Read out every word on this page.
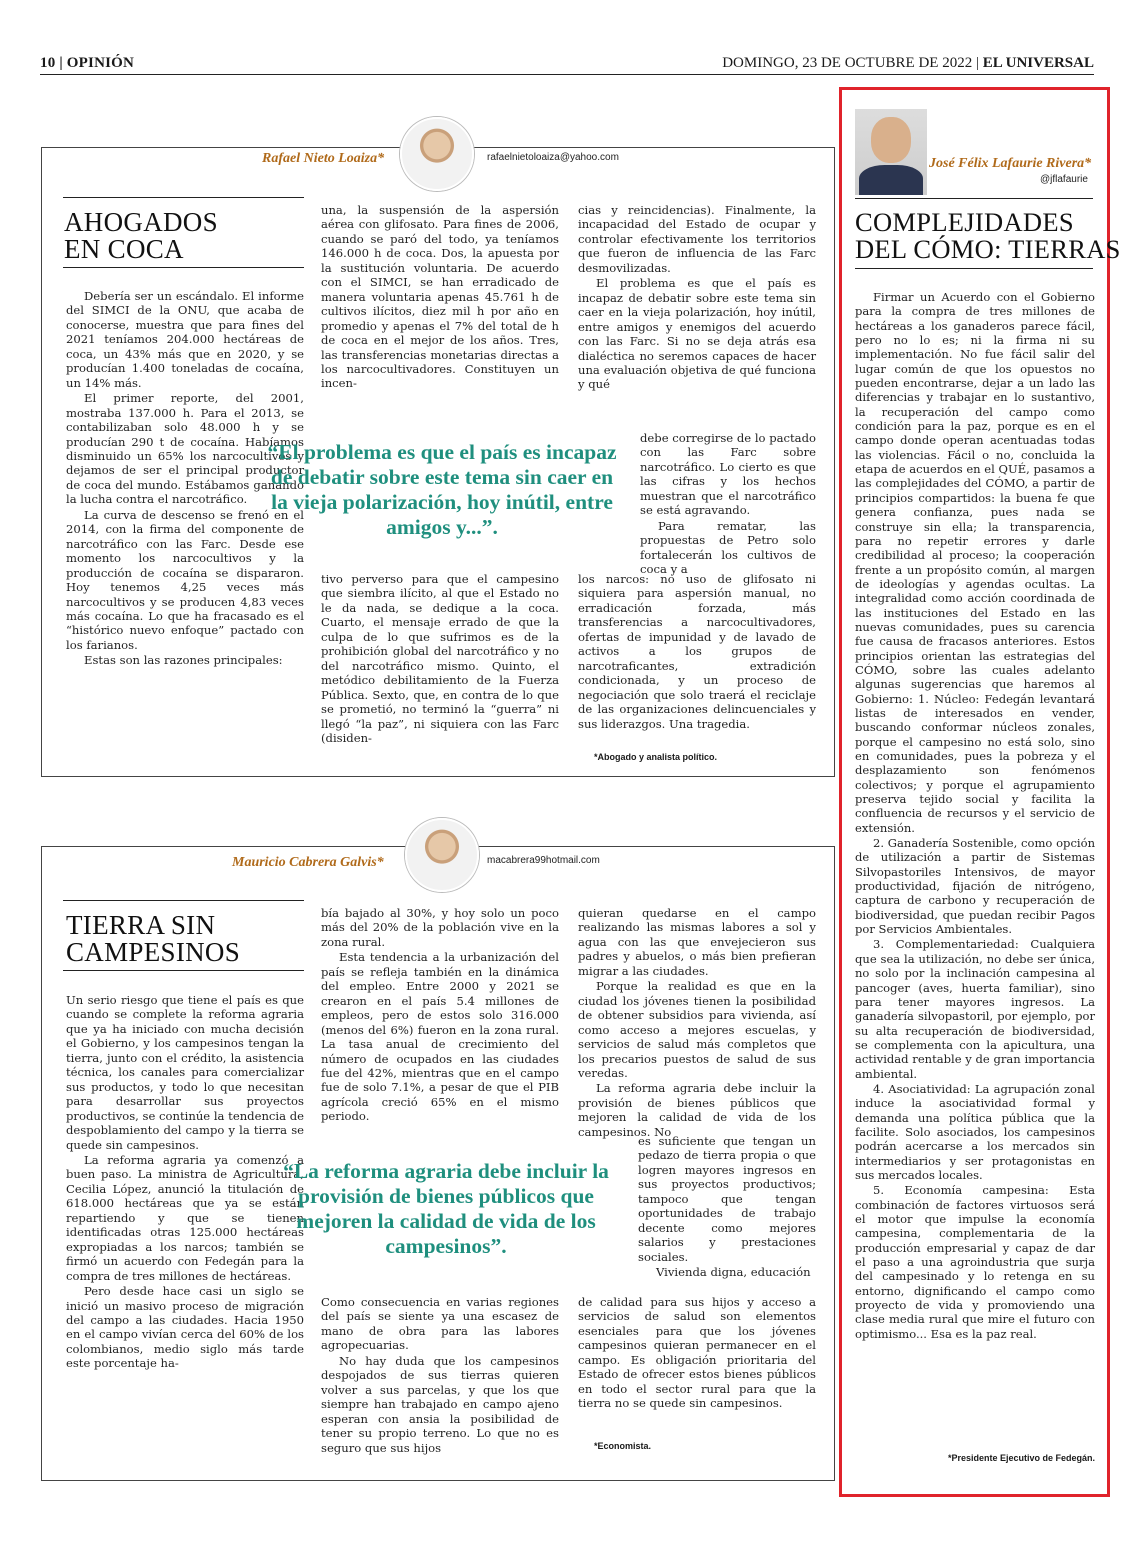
10 | OPINIÓN	DOMINGO, 23 DE OCTUBRE DE 2022 | EL UNIVERSAL
Rafael Nieto Loaiza*	rafaelnietoloaiza@yahoo.com
AHOGADOS
EN COCA

Debería ser un escándalo. El informe del SIMCI de la ONU, que acaba de conocerse, muestra que para fines del 2021 teníamos 204.000 hectáreas de coca, un 43% más que en 2020, y se producían 1.400 toneladas de cocaína, un 14% más.

El primer reporte, del 2001, mostraba 137.000 h. Para el 2013, se contabilizaban solo 48.000 h y se producían 290 t de cocaína. Habíamos disminuido un 65% los narcocultivos y dejamos de ser el principal productor de coca del mundo. Estábamos ganando la lucha contra el narcotráfico.

La curva de descenso se frenó en el 2014, con la firma del componente de narcotráfico con las Farc. Desde ese momento los narcocultivos y la producción de cocaína se dispararon. Hoy tenemos 4,25 veces más narcocultivos y se producen 4,83 veces más cocaína. Lo que ha fracasado es el “histórico nuevo enfoque” pactado con los farianos.

Estas son las razones principales:

una, la suspensión de la aspersión aérea con glifosato. Para fines de 2006, cuando se paró del todo, ya teníamos 146.000 h de coca. Dos, la apuesta por la sustitución voluntaria. De acuerdo con el SIMCI, se han erradicado de manera voluntaria apenas 45.761 h de cultivos ilícitos, diez mil h por año en promedio y apenas el 7% del total de h de coca en el mejor de los años. Tres, las transferencias monetarias directas a los narcocultivadores. Constituyen un incen-

“El problema es que el país es incapaz de debatir sobre este tema sin caer en la vieja polarización, hoy inútil, entre amigos y...”.

tivo perverso para que el campesino que siembra ilícito, al que el Estado no le da nada, se dedique a la coca. Cuarto, el mensaje errado de que la culpa de lo que sufrimos es de la prohibición global del narcotráfico y no del narcotráfico mismo. Quinto, el metódico debilitamiento de la Fuerza Pública. Sexto, que, en contra de lo que se prometió, no terminó la “guerra” ni llegó “la paz”, ni siquiera con las Farc (disiden-

cias y reincidencias). Finalmente, la incapacidad del Estado de ocupar y controlar efectivamente los territorios que fueron de influencia de las Farc desmovilizadas.

El problema es que el país es incapaz de debatir sobre este tema sin caer en la vieja polarización, hoy inútil, entre amigos y enemigos del acuerdo con las Farc. Si no se deja atrás esa dialéctica no seremos capaces de hacer una evaluación objetiva de qué funciona y qué

debe corregirse de lo pactado con las Farc sobre narcotráfico. Lo cierto es que las cifras y los hechos muestran que el narcotráfico se está agravando.

Para rematar, las propuestas de Petro solo fortalecerán los cultivos de coca y a

los narcos: no uso de glifosato ni siquiera para aspersión manual, no erradicación forzada, más transferencias a narcocultivadores, ofertas de impunidad y de lavado de activos a los grupos de narcotraficantes, extradición condicionada, y un proceso de negociación que solo traerá el reciclaje de las organizaciones delincuenciales y sus liderazgos. Una tragedia.

*Abogado y analista político.
Mauricio Cabrera Galvis*	macabrera99hotmail.com
TIERRA SIN
CAMPESINOS

Un serio riesgo que tiene el país es que cuando se complete la reforma agraria que ya ha iniciado con mucha decisión el Gobierno, y los campesinos tengan la tierra, junto con el crédito, la asistencia técnica, los canales para comercializar sus productos, y todo lo que necesitan para desarrollar sus proyectos productivos, se continúe la tendencia de despoblamiento del campo y la tierra se quede sin campesinos.

La reforma agraria ya comenzó a buen paso. La ministra de Agricultura, Cecilia López, anunció la titulación de 618.000 hectáreas que ya se están repartiendo y que se tienen identificadas otras 125.000 hectáreas expropiadas a los narcos; también se firmó un acuerdo con Fedegán para la compra de tres millones de hectáreas.

Pero desde hace casi un siglo se inició un masivo proceso de migración del campo a las ciudades. Hacia 1950 en el campo vivían cerca del 60% de los colombianos, medio siglo más tarde este porcentaje ha-

bía bajado al 30%, y hoy solo un poco más del 20% de la población vive en la zona rural.

Esta tendencia a la urbanización del país se refleja también en la dinámica del empleo. Entre 2000 y 2021 se crearon en el país 5.4 millones de empleos, pero de estos solo 316.000 (menos del 6%) fueron en la zona rural. La tasa anual de crecimiento del número de ocupados en las ciudades fue del 42%, mientras que en el campo fue de solo 7.1%, a pesar de que el PIB agrícola creció 65% en el mismo periodo.

“La reforma agraria debe incluir la provisión de bienes públicos que mejoren la calidad de vida de los campesinos”.

Como consecuencia en varias regiones del país se siente ya una escasez de mano de obra para las labores agropecuarias.

No hay duda que los campesinos despojados de sus tierras quieren volver a sus parcelas, y que los que siempre han trabajado en campo ajeno esperan con ansia la posibilidad de tener su propio terreno. Lo que no es seguro que sus hijos

quieran quedarse en el campo realizando las mismas labores a sol y agua con las que envejecieron sus padres y abuelos, o más bien prefieran migrar a las ciudades.

Porque la realidad es que en la ciudad los jóvenes tienen la posibilidad de obtener subsidios para vivienda, así como acceso a mejores escuelas, y servicios de salud más completos que los precarios puestos de salud de sus veredas.

La reforma agraria debe incluir la provisión de bienes públicos que mejoren la calidad de vida de los campesinos. No

es suficiente que tengan un pedazo de tierra propia o que logren mayores ingresos en sus proyectos productivos; tampoco que tengan oportunidades de trabajo decente como mejores salarios y prestaciones sociales.

Vivienda digna, educación

de calidad para sus hijos y acceso a servicios de salud son elementos esenciales para que los jóvenes campesinos quieran permanecer en el campo. Es obligación prioritaria del Estado de ofrecer estos bienes públicos en todo el sector rural para que la tierra no se quede sin campesinos.

*Economista.
José Félix Lafaurie Rivera*
@jflafaurie
COMPLEJIDADES
DEL CÓMO: TIERRAS

Firmar un Acuerdo con el Gobierno para la compra de tres millones de hectáreas a los ganaderos parece fácil, pero no lo es; ni la firma ni su implementación. No fue fácil salir del lugar común de que los opuestos no pueden encontrarse, dejar a un lado las diferencias y trabajar en lo sustantivo, la recuperación del campo como condición para la paz, porque es en el campo donde operan acentuadas todas las violencias. Fácil o no, concluida la etapa de acuerdos en el QUÉ, pasamos a las complejidades del CÓMO, a partir de principios compartidos: la buena fe que genera confianza, pues nada se construye sin ella; la transparencia, para no repetir errores y darle credibilidad al proceso; la cooperación frente a un propósito común, al margen de ideologías y agendas ocultas. La integralidad como acción coordinada de las instituciones del Estado en las nuevas comunidades, pues su carencia fue causa de fracasos anteriores. Estos principios orientan las estrategias del CÓMO, sobre las cuales adelanto algunas sugerencias que haremos al Gobierno: 1. Núcleo: Fedegán levantará listas de interesados en vender, buscando conformar núcleos zonales, porque el campesino no está solo, sino en comunidades, pues la pobreza y el desplazamiento son fenómenos colectivos; y porque el agrupamiento preserva tejido social y facilita la confluencia de recursos y el servicio de extensión.

2. Ganadería Sostenible, como opción de utilización a partir de Sistemas Silvopastoriles Intensivos, de mayor productividad, fijación de nitrógeno, captura de carbono y recuperación de biodiversidad, que puedan recibir Pagos por Servicios Ambientales.

3. Complementariedad: Cualquiera que sea la utilización, no debe ser única, no solo por la inclinación campesina al pancoger (aves, huerta familiar), sino para tener mayores ingresos. La ganadería silvopastoril, por ejemplo, por su alta recuperación de biodiversidad, se complementa con la apicultura, una actividad rentable y de gran importancia ambiental.

4. Asociatividad: La agrupación zonal induce la asociatividad formal y demanda una política pública que la facilite. Solo asociados, los campesinos podrán acercarse a los mercados sin intermediarios y ser protagonistas en sus mercados locales.

5. Economía campesina: Esta combinación de factores virtuosos será el motor que impulse la economía campesina, complementaria de la producción empresarial y capaz de dar el paso a una agroindustria que surja del campesinado y lo retenga en su entorno, dignificando el campo como proyecto de vida y promoviendo una clase media rural que mire el futuro con optimismo... Esa es la paz real.

*Presidente Ejecutivo de Fedegán.
